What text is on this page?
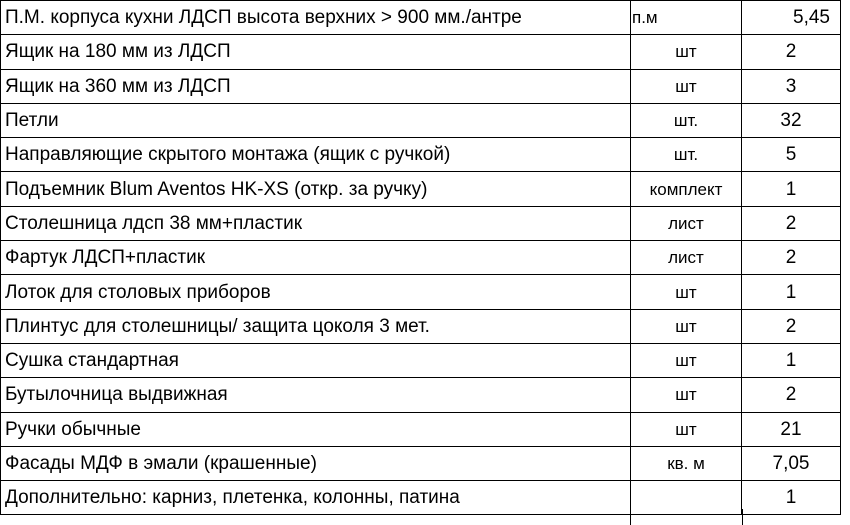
П.М. корпуса кухни ЛДСП высота верхних > 900 мм./антре	п.м	5,45
Ящик на 180 мм из ЛДСП	шт	2
Ящик на 360 мм из ЛДСП	шт	3
Петли	шт.	32
Направляющие скрытого монтажа (ящик с ручкой)	шт.	5
Подъемник Blum Aventos HK-XS (откр. за ручку)	комплект	1
Столешница лдсп 38 мм+пластик	лист	2
Фартук ЛДСП+пластик	лист	2
Лоток для столовых приборов	шт	1
Плинтус для столешницы/ защита цоколя 3 мет.	шт	2
Сушка стандартная	шт	1
Бутылочница выдвижная	шт	2
Ручки обычные	шт	21
Фасады МДФ в эмали (крашенные)	кв. м	7,05
Дополнительно: карниз, плетенка, колонны, патина		1
